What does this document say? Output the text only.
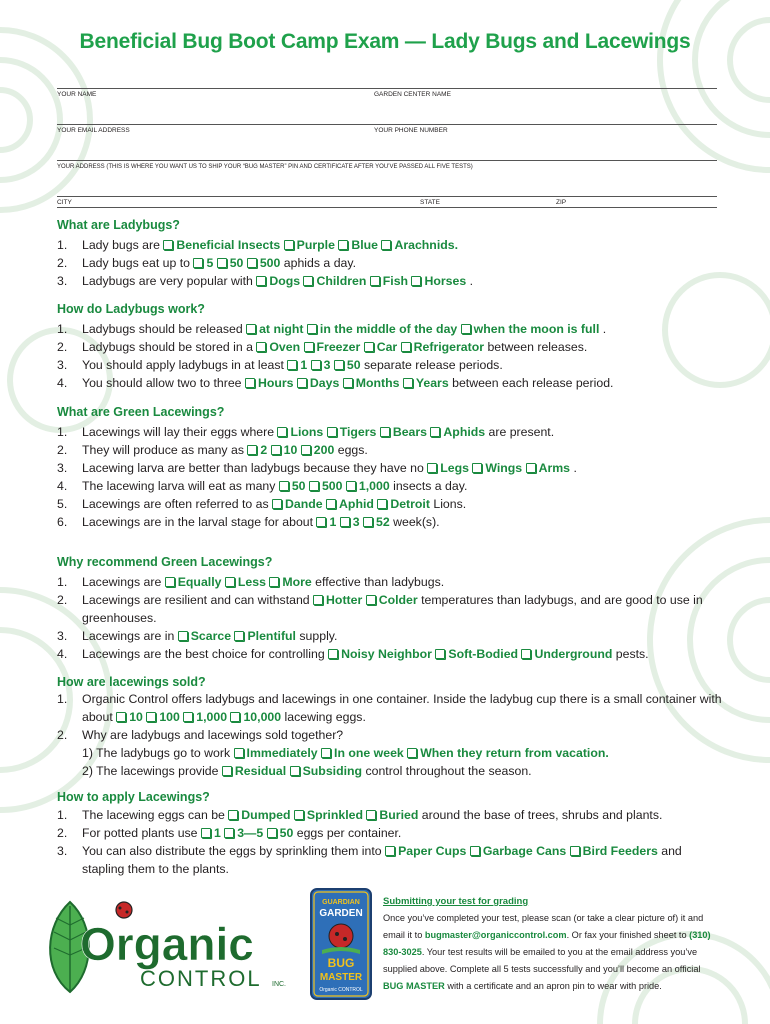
Beneficial Bug Boot Camp Exam — Lady Bugs and Lacewings
YOUR NAME	GARDEN CENTER NAME
YOUR EMAIL ADDRESS	YOUR PHONE NUMBER
YOUR ADDRESS (THIS IS WHERE YOU WANT US TO SHIP YOUR “BUG MASTER” PIN AND CERTIFICATE AFTER YOU’VE PASSED ALL FIVE TESTS)
CITY	STATE	ZIP
What are Ladybugs?
1. Lady bugs are Beneficial Insects Purple Blue Arachnids.
2. Lady bugs eat up to 5 50 500 aphids a day.
3. Ladybugs are very popular with Dogs Children Fish Horses .
How do Ladybugs work?
1. Ladybugs should be released at night in the middle of the day when the moon is full .
2. Ladybugs should be stored in a Oven Freezer Car Refrigerator between releases.
3. You should apply ladybugs in at least 1 3 50 separate release periods.
4. You should allow two to three Hours Days Months Years between each release period.
What are Green Lacewings?
1. Lacewings will lay their eggs where Lions Tigers Bears Aphids are present.
2. They will produce as many as 2 10 200 eggs.
3. Lacewing larva are better than ladybugs because they have no Legs Wings Arms .
4. The lacewing larva will eat as many 50 500 1,000 insects a day.
5. Lacewings are often referred to as Dande Aphid Detroit Lions.
6. Lacewings are in the larval stage for about 1 3 52 week(s).
Why recommend Green Lacewings?
1. Lacewings are Equally Less More effective than ladybugs.
2. Lacewings are resilient and can withstand Hotter Colder temperatures than ladybugs, and are good to use in greenhouses.
3. Lacewings are in Scarce Plentiful supply.
4. Lacewings are the best choice for controlling Noisy Neighbor Soft-Bodied Underground pests.
How are lacewings sold?
1. Organic Control offers ladybugs and lacewings in one container. Inside the ladybug cup there is a small container with about 10 100 1,000 10,000 lacewing eggs.
2. Why are ladybugs and lacewings sold together?
1) The ladybugs go to work Immediately In one week When they return from vacation.
2) The lacewings provide Residual Subsiding control throughout the season.
How to apply Lacewings?
1. The lacewing eggs can be Dumped Sprinkled Buried around the base of trees, shrubs and plants.
2. For potted plants use 1 3—5 50 eggs per container.
3. You can also distribute the eggs by sprinkling them into Paper Cups Garbage Cans Bird Feeders and stapling them to the plants.
Organic
CONTROL INC.
GUARDIAN
GARDEN
BUG
MASTER
Organic CONTROL
Submitting your test for grading
Once you’ve completed your test, please scan (or take a clear picture of) it and email it to bugmaster@organiccontrol.com. Or fax your finished sheet to (310) 830-3025. Your test results will be emailed to you at the email address you’ve supplied above. Complete all 5 tests successfully and you’ll become an official BUG MASTER with a certificate and an apron pin to wear with pride.
